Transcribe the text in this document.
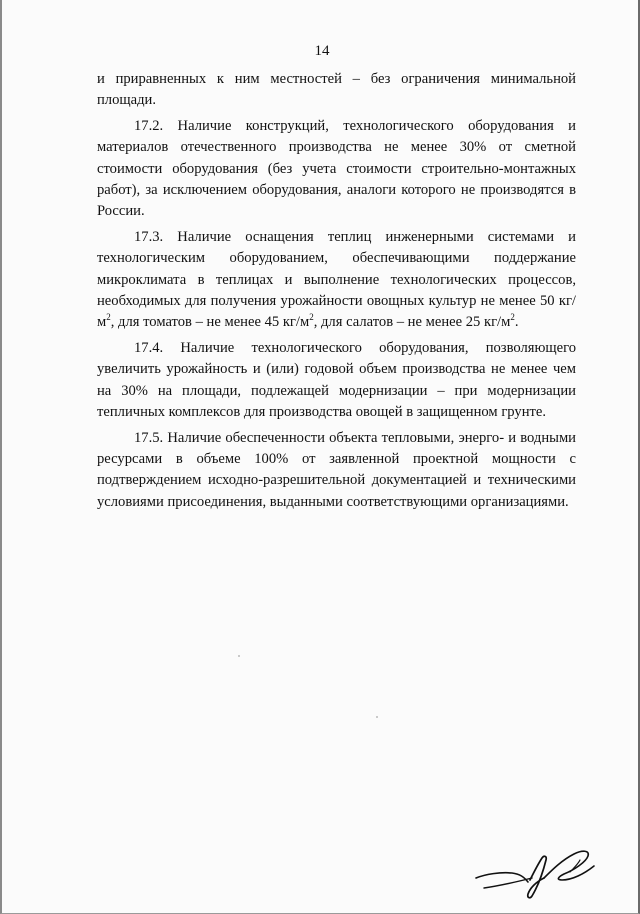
14

и приравненных к ним местностей – без ограничения минимальной площади.

17.2. Наличие конструкций, технологического оборудования и материалов отечественного производства не менее 30% от сметной стоимости оборудования (без учета стоимости строительно-монтажных работ), за исключением оборудования, аналоги которого не производятся в России.

17.3. Наличие оснащения теплиц инженерными системами и технологическим оборудованием, обеспечивающими поддержание микроклимата в теплицах и выполнение технологических процессов, необходимых для получения урожайности овощных культур не менее 50 $кг/м^2$, для томатов – не менее 45 $кг/м^2$, для салатов – не менее 25 $кг/м^2$.

17.4. Наличие технологического оборудования, позволяющего увеличить урожайность и (или) годовой объем производства не менее чем на 30% на площади, подлежащей модернизации – при модернизации тепличных комплексов для производства овощей в защищенном грунте.

17.5. Наличие обеспеченности объекта тепловыми, энерго- и водными ресурсами в объеме 100% от заявленной проектной мощности с подтверждением исходно-разрешительной документацией и техническими условиями присоединения, выданными соответствующими организациями.
